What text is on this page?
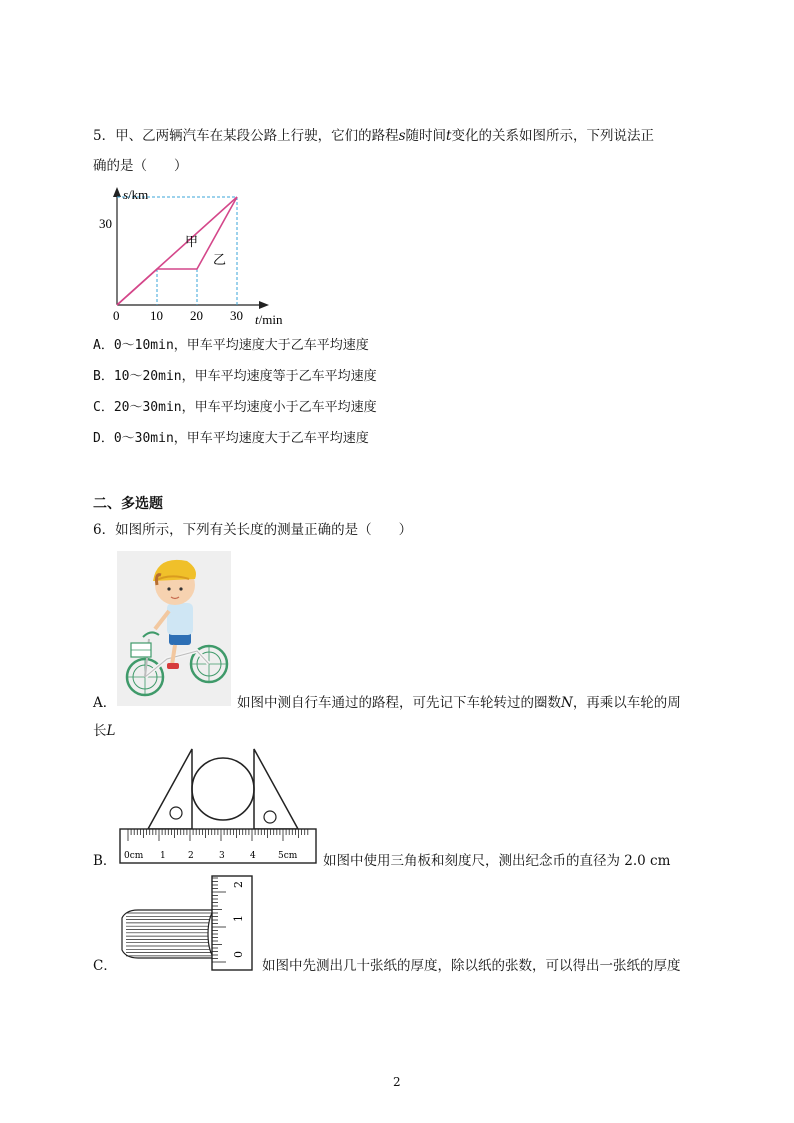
5．甲、乙两辆汽车在某段公路上行驶，它们的路程s随时间t变化的关系如图所示，下列说法正
确的是（　　）
s/km
30
0 10 20 30 t/min
甲
乙
A．0～10min，甲车平均速度大于乙车平均速度
B．10～20min，甲车平均速度等于乙车平均速度
C．20～30min，甲车平均速度小于乙车平均速度
D．0～30min，甲车平均速度大于乙车平均速度
二、多选题
6．如图所示，下列有关长度的测量正确的是（　　）
A．	如图中测自行车通过的路程，可先记下车轮转过的圈数N，再乘以车轮的周
长L
0cm 1 2	3	4 5cm
B．	如图中使用三角板和刻度尺，测出纪念币的直径为 2.0 cm
0
1
2
C．	如图中先测出几十张纸的厚度，除以纸的张数，可以得出一张纸的厚度
2
